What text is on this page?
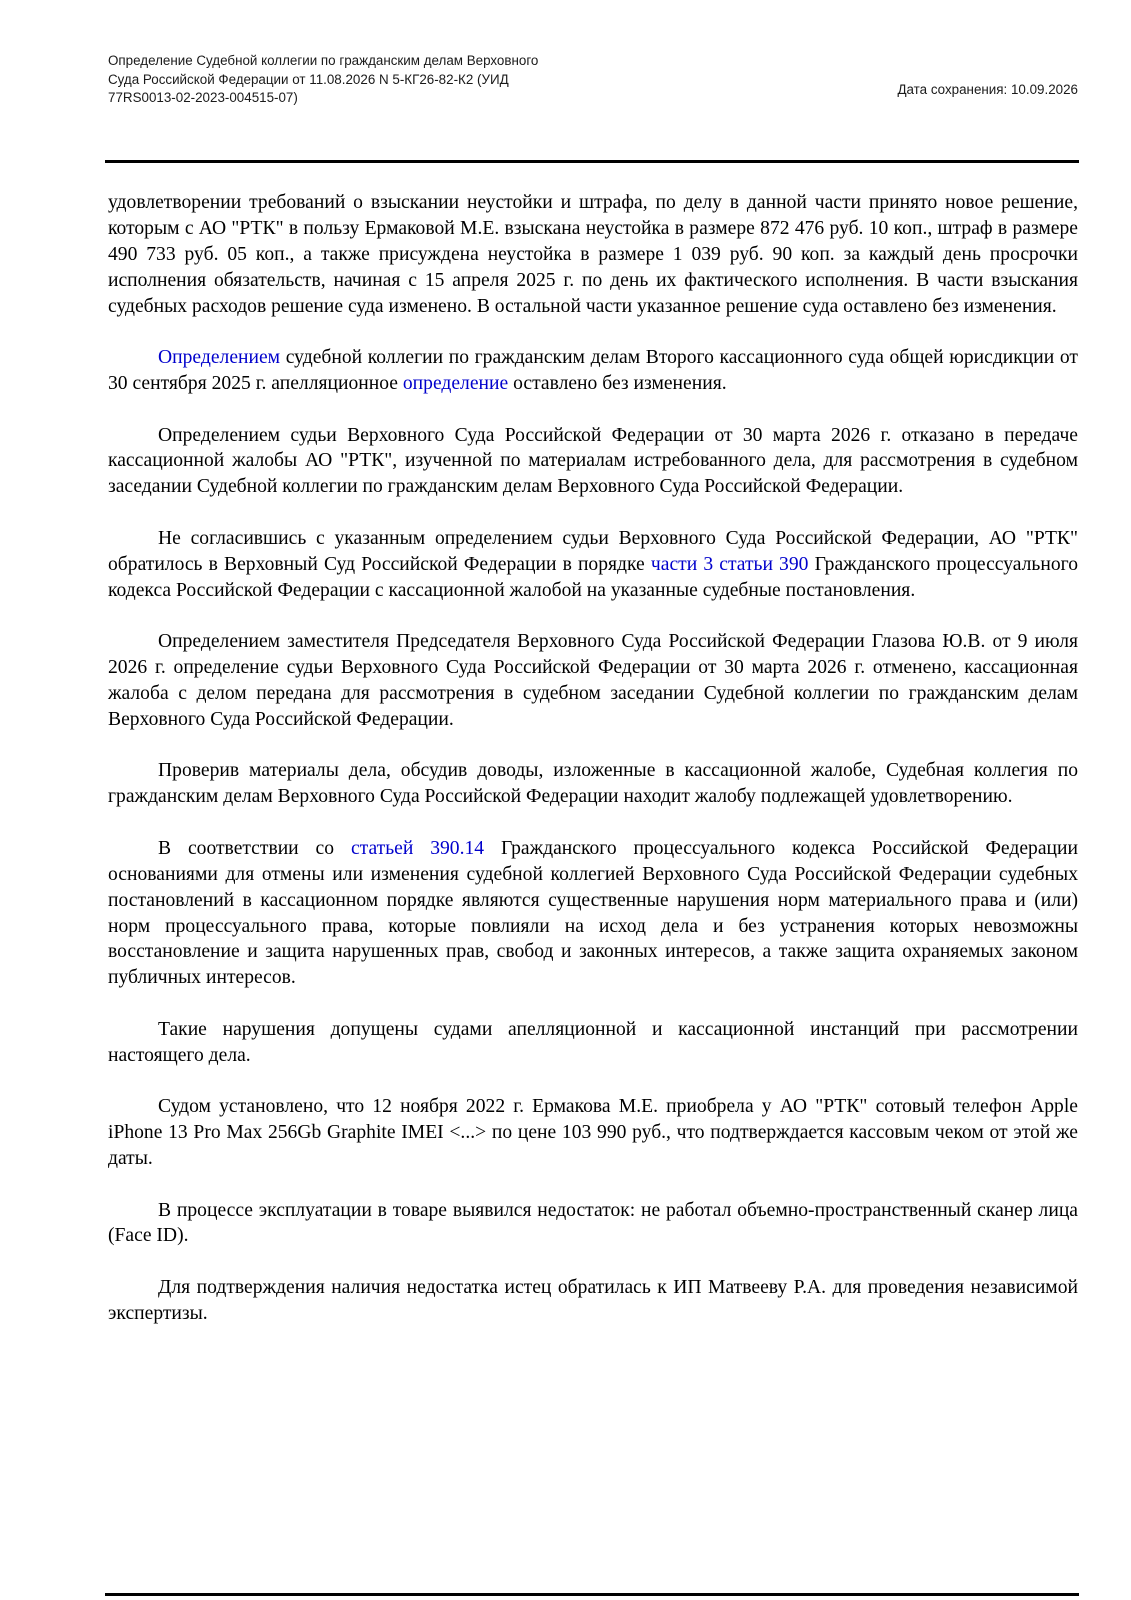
Определение Судебной коллегии по гражданским делам Верховного
Суда Российской Федерации от 11.08.2026 N 5-КГ26-82-К2 (УИД
77RS0013-02-2023-004515-07)
Дата сохранения: 10.09.2026

удовлетворении требований о взыскании неустойки и штрафа, по делу в данной части принято новое решение, которым с АО "РТК" в пользу Ермаковой М.Е. взыскана неустойка в размере 872 476 руб. 10 коп., штраф в размере 490 733 руб. 05 коп., а также присуждена неустойка в размере 1 039 руб. 90 коп. за каждый день просрочки исполнения обязательств, начиная с 15 апреля 2025 г. по день их фактического исполнения. В части взыскания судебных расходов решение суда изменено. В остальной части указанное решение суда оставлено без изменения.

Определением судебной коллегии по гражданским делам Второго кассационного суда общей юрисдикции от 30 сентября 2025 г. апелляционное определение оставлено без изменения.

Определением судьи Верховного Суда Российской Федерации от 30 марта 2026 г. отказано в передаче кассационной жалобы АО "РТК", изученной по материалам истребованного дела, для рассмотрения в судебном заседании Судебной коллегии по гражданским делам Верховного Суда Российской Федерации.

Не согласившись с указанным определением судьи Верховного Суда Российской Федерации, АО "РТК" обратилось в Верховный Суд Российской Федерации в порядке части 3 статьи 390 Гражданского процессуального кодекса Российской Федерации с кассационной жалобой на указанные судебные постановления.

Определением заместителя Председателя Верховного Суда Российской Федерации Глазова Ю.В. от 9 июля 2026 г. определение судьи Верховного Суда Российской Федерации от 30 марта 2026 г. отменено, кассационная жалоба с делом передана для рассмотрения в судебном заседании Судебной коллегии по гражданским делам Верховного Суда Российской Федерации.

Проверив материалы дела, обсудив доводы, изложенные в кассационной жалобе, Судебная коллегия по гражданским делам Верховного Суда Российской Федерации находит жалобу подлежащей удовлетворению.

В соответствии со статьей 390.14 Гражданского процессуального кодекса Российской Федерации основаниями для отмены или изменения судебной коллегией Верховного Суда Российской Федерации судебных постановлений в кассационном порядке являются существенные нарушения норм материального права и (или) норм процессуального права, которые повлияли на исход дела и без устранения которых невозможны восстановление и защита нарушенных прав, свобод и законных интересов, а также защита охраняемых законом публичных интересов.

Такие нарушения допущены судами апелляционной и кассационной инстанций при рассмотрении настоящего дела.

Судом установлено, что 12 ноября 2022 г. Ермакова М.Е. приобрела у АО "РТК" сотовый телефон Apple iPhone 13 Pro Max 256Gb Graphite IMEI <...> по цене 103 990 руб., что подтверждается кассовым чеком от этой же даты.

В процессе эксплуатации в товаре выявился недостаток: не работал объемно-пространственный сканер лица (Face ID).

Для подтверждения наличия недостатка истец обратилась к ИП Матвееву Р.А. для проведения независимой экспертизы.
